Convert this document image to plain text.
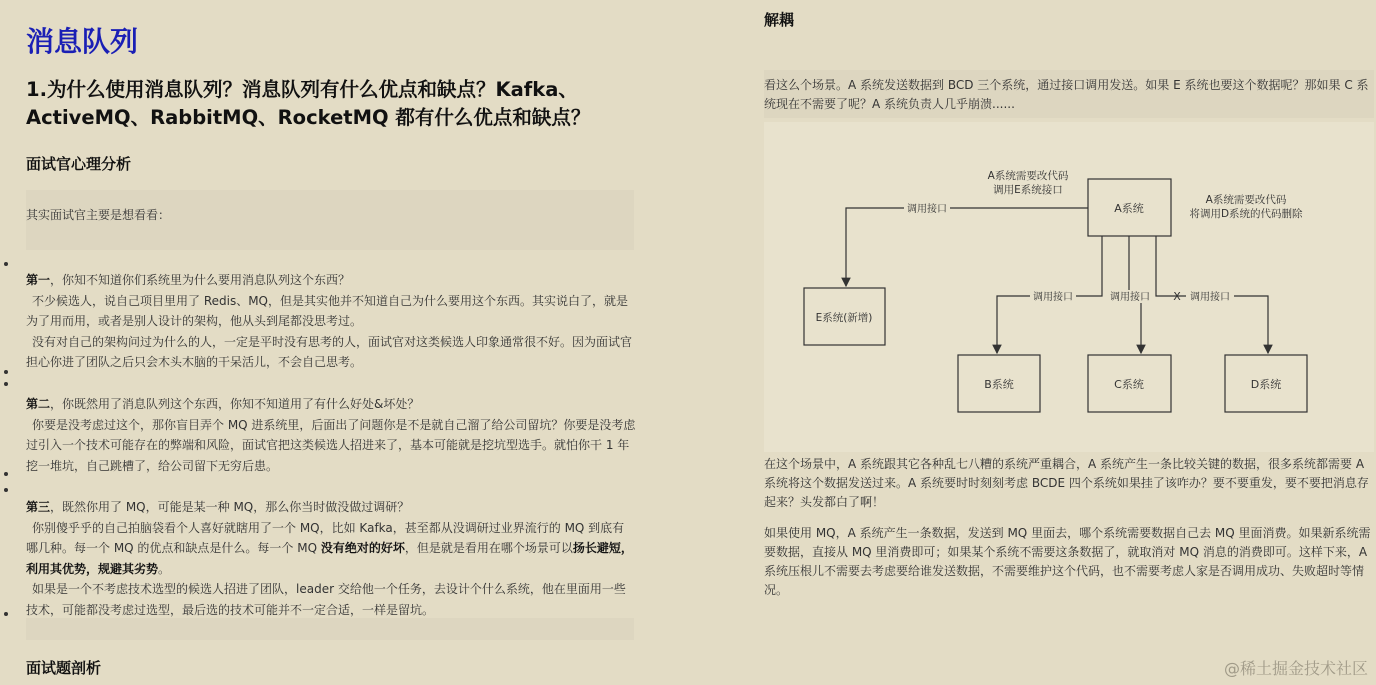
消息队列
1.为什么使用消息队列？消息队列有什么优点和缺点？Kafka、ActiveMQ、RabbitMQ、RocketMQ 都有什么优点和缺点？
面试官心理分析

其实面试官主要是想看看：

第一，你知不知道你们系统里为什么要用消息队列这个东西？
不少候选人，说自己项目里用了 Redis、MQ，但是其实他并不知道自己为什么要用这个东西。其实说白了，就是为了用而用，或者是别人设计的架构，他从头到尾都没思考过。
没有对自己的架构问过为什么的人，一定是平时没有思考的人，面试官对这类候选人印象通常很不好。因为面试官担心你进了团队之后只会木头木脑的干呆活儿，不会自己思考。
第二，你既然用了消息队列这个东西，你知不知道用了有什么好处&坏处？
你要是没考虑过这个，那你盲目弄个 MQ 进系统里，后面出了问题你是不是就自己溜了给公司留坑？你要是没考虑过引入一个技术可能存在的弊端和风险，面试官把这类候选人招进来了，基本可能就是挖坑型选手。就怕你干 1 年挖一堆坑，自己跳槽了，给公司留下无穷后患。
第三，既然你用了 MQ，可能是某一种 MQ，那么你当时做没做过调研？
你别傻乎乎的自己拍脑袋看个人喜好就瞎用了一个 MQ，比如 Kafka，甚至都从没调研过业界流行的 MQ 到底有哪几种。每一个 MQ 的优点和缺点是什么。每一个 MQ 没有绝对的好坏，但是就是看用在哪个场景可以扬长避短，利用其优势，规避其劣势。
如果是一个不考虑技术选型的候选人招进了团队，leader 交给他一个任务，去设计个什么系统，他在里面用一些技术，可能都没考虑过选型，最后选的技术可能并不一定合适，一样是留坑。
面试题剖析
解耦

看这么个场景。A 系统发送数据到 BCD 三个系统，通过接口调用发送。如果 E 系统也要这个数据呢？那如果 C 系统现在不需要了呢？A 系统负责人几乎崩溃......

A系统需要改代码
调用E系统接口
A系统需要改代码
将调用D系统的代码删除
A系统
E系统(新增)
B系统	C系统	D系统
调用接口
调用接口	调用接口	调用接口
X

在这个场景中，A 系统跟其它各种乱七八糟的系统严重耦合，A 系统产生一条比较关键的数据，很多系统都需要 A 系统将这个数据发送过来。A 系统要时时刻刻考虑 BCDE 四个系统如果挂了该咋办？要不要重发，要不要把消息存起来？头发都白了啊！

如果使用 MQ，A 系统产生一条数据，发送到 MQ 里面去，哪个系统需要数据自己去 MQ 里面消费。如果新系统需要数据，直接从 MQ 里消费即可；如果某个系统不需要这条数据了，就取消对 MQ 消息的消费即可。这样下来，A 系统压根儿不需要去考虑要给谁发送数据，不需要维护这个代码，也不需要考虑人家是否调用成功、失败超时等情况。

@稀土掘金技术社区
